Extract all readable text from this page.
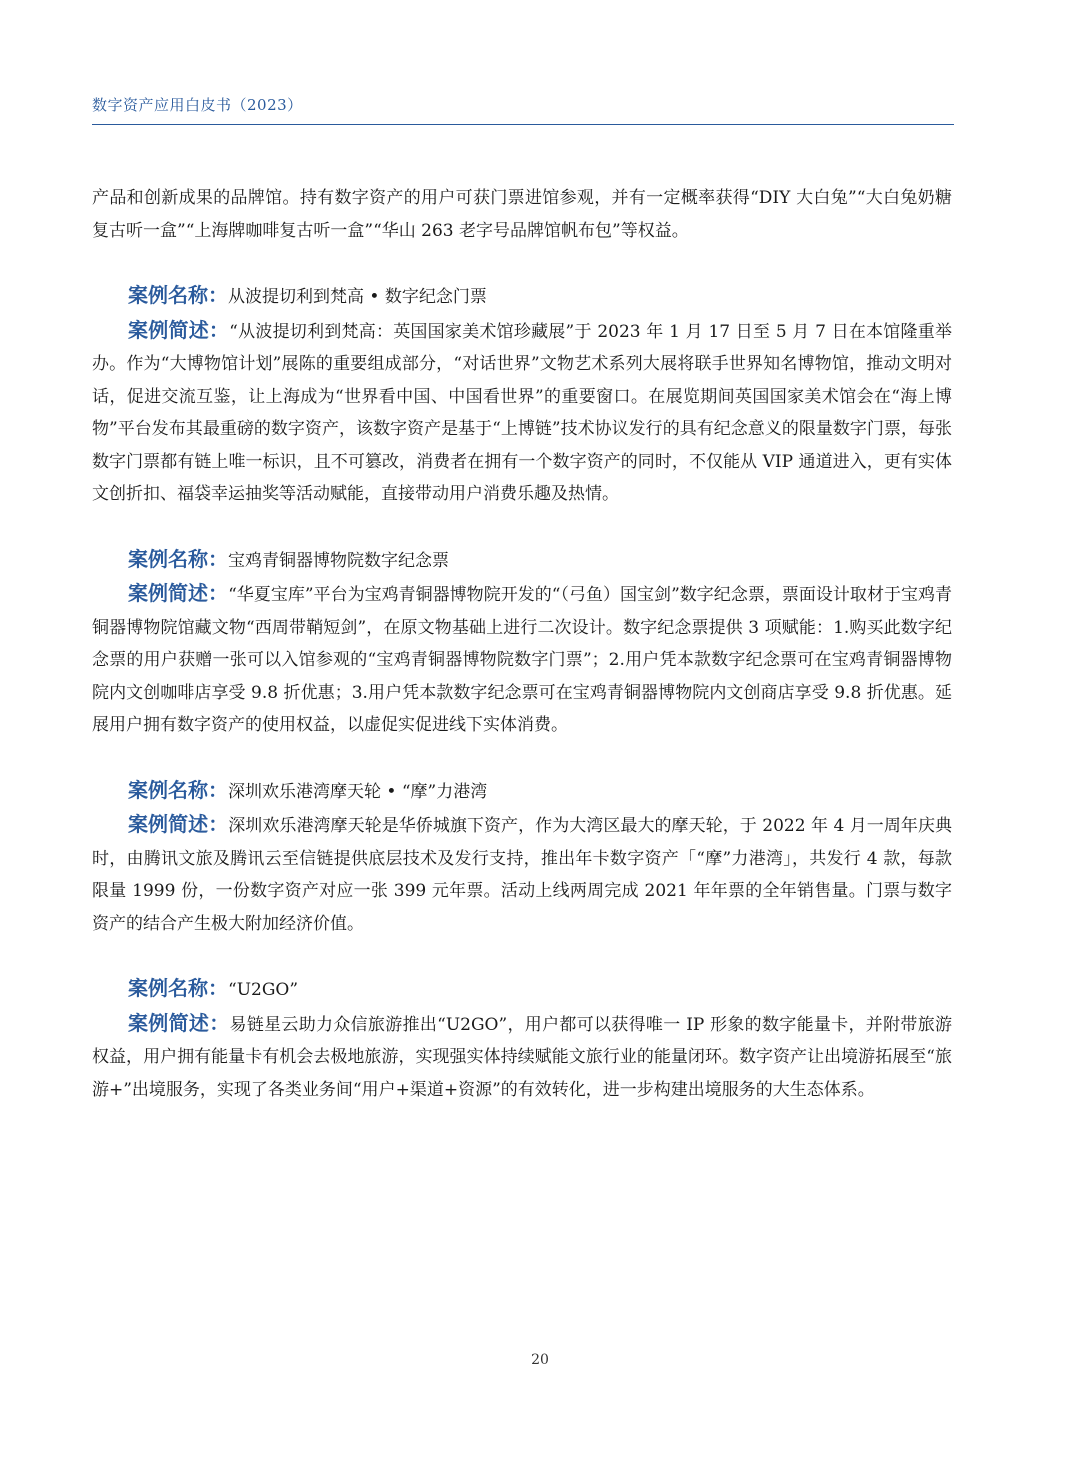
数字资产应用白皮书（2023）

产品和创新成果的品牌馆。持有数字资产的用户可获门票进馆参观，并有一定概率获得“DIY 大白兔”“大白兔奶糖复古听一盒”“上海牌咖啡复古听一盒”“华山 263 老字号品牌馆帆布包”等权益。

案例名称：从波提切利到梵高 • 数字纪念门票

案例简述：“从波提切利到梵高：英国国家美术馆珍藏展”于 2023 年 1 月 17 日至 5 月 7 日在本馆隆重举办。作为“大博物馆计划”展陈的重要组成部分，“对话世界”文物艺术系列大展将联手世界知名博物馆，推动文明对话，促进交流互鉴，让上海成为“世界看中国、中国看世界”的重要窗口。在展览期间英国国家美术馆会在“海上博物”平台发布其最重磅的数字资产，该数字资产是基于“上博链”技术协议发行的具有纪念意义的限量数字门票，每张数字门票都有链上唯一标识，且不可篡改，消费者在拥有一个数字资产的同时，不仅能从 VIP 通道进入，更有实体文创折扣、福袋幸运抽奖等活动赋能，直接带动用户消费乐趣及热情。

案例名称：宝鸡青铜器博物院数字纪念票

案例简述：“华夏宝库”平台为宝鸡青铜器博物院开发的“（弓鱼）国宝剑”数字纪念票，票面设计取材于宝鸡青铜器博物院馆藏文物“西周带鞘短剑”，在原文物基础上进行二次设计。数字纪念票提供 3 项赋能：1.购买此数字纪念票的用户获赠一张可以入馆参观的“宝鸡青铜器博物院数字门票”；2.用户凭本款数字纪念票可在宝鸡青铜器博物院内文创咖啡店享受 9.8 折优惠；3.用户凭本款数字纪念票可在宝鸡青铜器博物院内文创商店享受 9.8 折优惠。延展用户拥有数字资产的使用权益，以虚促实促进线下实体消费。

案例名称：深圳欢乐港湾摩天轮 • “摩”力港湾

案例简述：深圳欢乐港湾摩天轮是华侨城旗下资产，作为大湾区最大的摩天轮，于 2022 年 4 月一周年庆典时，由腾讯文旅及腾讯云至信链提供底层技术及发行支持，推出年卡数字资产「“摩”力港湾」，共发行 4 款，每款限量 1999 份，一份数字资产对应一张 399 元年票。活动上线两周完成 2021 年年票的全年销售量。门票与数字资产的结合产生极大附加经济价值。

案例名称：“U2GO”

案例简述：易链星云助力众信旅游推出“U2GO”，用户都可以获得唯一 IP 形象的数字能量卡，并附带旅游权益，用户拥有能量卡有机会去极地旅游，实现强实体持续赋能文旅行业的能量闭环。数字资产让出境游拓展至“旅游+”出境服务，实现了各类业务间“用户+渠道+资源”的有效转化，进一步构建出境服务的大生态体系。

20
